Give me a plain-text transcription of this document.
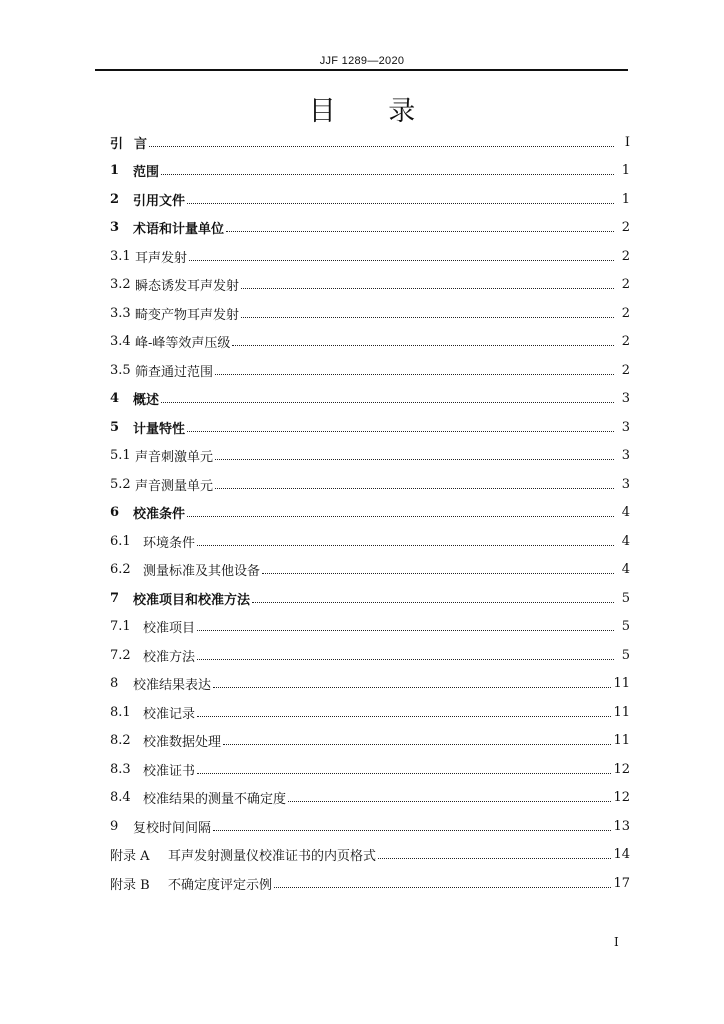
JJF 1289—2020
目 录
引 言	I
1	范围	1
2	引用文件	1
3	术语和计量单位	2
3.1 耳声发射	2
3.2 瞬态诱发耳声发射	2
3.3 畸变产物耳声发射	2
3.4 峰-峰等效声压级	2
3.5 筛查通过范围	2
4	概述	3
5	计量特性	3
5.1 声音刺激单元	3
5.2 声音测量单元	3
6	校准条件	4
6.1 环境条件	4
6.2 测量标准及其他设备	4
7	校准项目和校准方法	5
7.1 校准项目	5
7.2 校准方法	5
8	校准结果表达	11
8.1 校准记录	11
8.2 校准数据处理	11
8.3 校准证书	12
8.4 校准结果的测量不确定度	12
9	复校时间间隔	13
附录 A	耳声发射测量仪校准证书的内页格式	14
附录 B	不确定度评定示例	17
I
